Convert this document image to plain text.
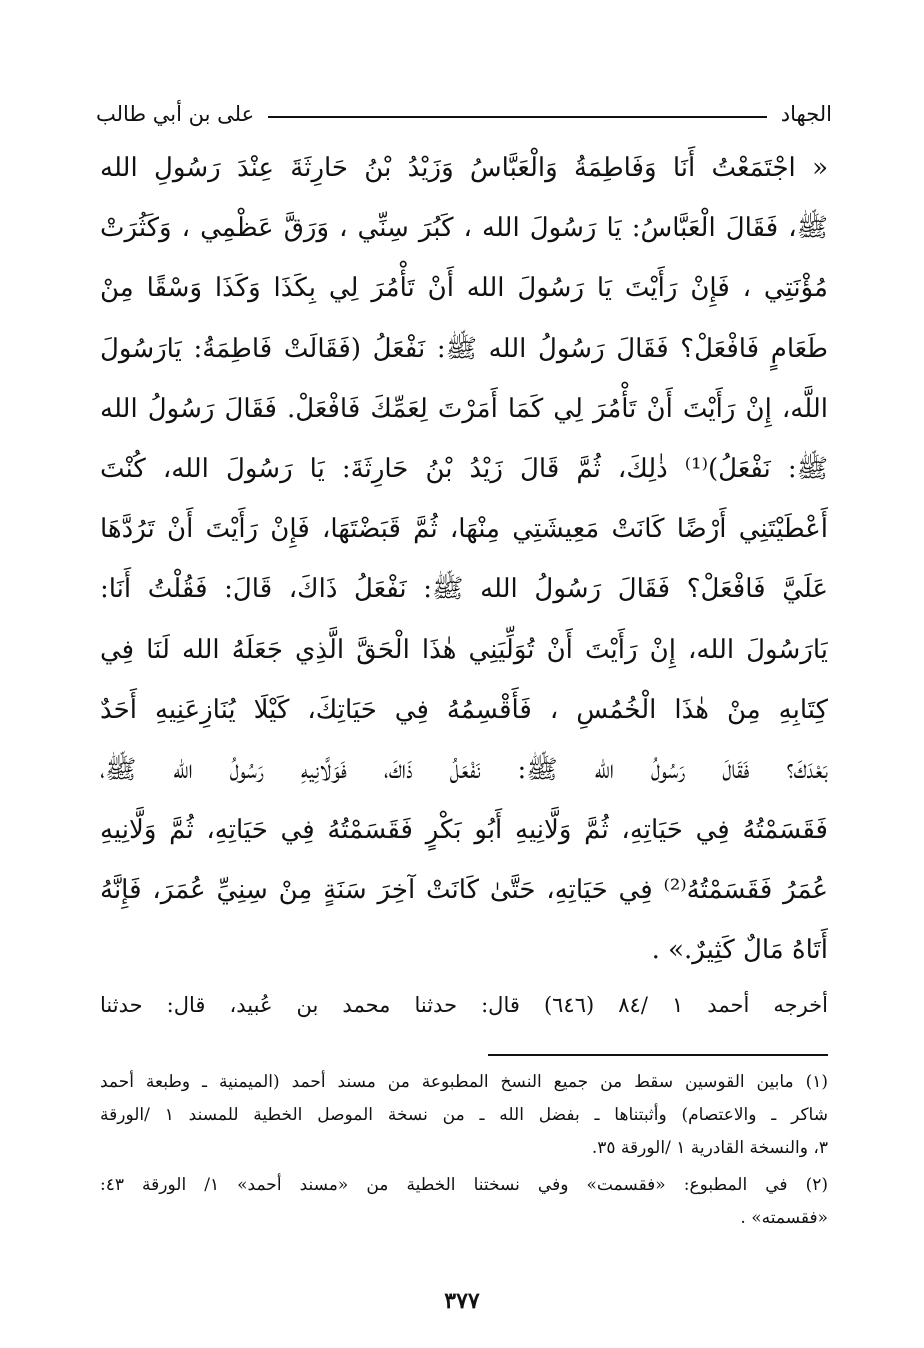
الجهاد
على بن أبي طالب
« اجْتَمَعْتُ أَنَا وَفَاطِمَةُ وَالْعَبَّاسُ وَزَيْدُ بْنُ حَارِثَةَ عِنْدَ رَسُولِ الله
ﷺ، فَقَالَ الْعَبَّاسُ: يَا رَسُولَ الله ، كَبُرَ سِنِّي ، وَرَقَّ عَظْمِي ، وَكَثُرَتْ
مُؤْنَتِي ، فَإِنْ رَأَيْتَ يَا رَسُولَ الله أَنْ تَأْمُرَ لِي بِكَذَا وَكَذَا وَسْقًا مِنْ
طَعَامٍ فَافْعَلْ؟ فَقَالَ رَسُولُ الله ﷺ: نَفْعَلُ (فَقَالَتْ فَاطِمَةُ: يَارَسُولَ
اللَّه، إِنْ رَأَيْتَ أَنْ تَأْمُرَ لِي كَمَا أَمَرْتَ لِعَمِّكَ فَافْعَلْ. فَقَالَ رَسُولُ الله
ﷺ: نَفْعَلُ)⁽¹⁾ ذٰلِكَ، ثُمَّ قَالَ زَيْدُ بْنُ حَارِثَةَ: يَا رَسُولَ الله، كُنْتَ
أَعْطَيْتَنِي أَرْضًا كَانَتْ مَعِيشَتِي مِنْهَا، ثُمَّ قَبَضْتَهَا، فَإِنْ رَأَيْتَ أَنْ تَرُدَّهَا
عَلَيَّ فَافْعَلْ؟ فَقَالَ رَسُولُ الله ﷺ: نَفْعَلُ ذَاكَ، قَالَ: فَقُلْتُ أَنَا:
يَارَسُولَ الله، إِنْ رَأَيْتَ أَنْ تُوَلِّيَنِي هٰذَا الْحَقَّ الَّذِي جَعَلَهُ الله لَنَا فِي
كِتَابِهِ مِنْ هٰذَا الْخُمُسِ ، فَأَقْسِمُهُ فِي حَيَاتِكَ، كَيْلَا يُنَازِعَنِيهِ أَحَدٌ
بَعْدَكَ؟ فَقَالَ رَسُولُ الله ﷺ: نَفْعَلُ ذَاكَ، فَوَلَّانِيهِ رَسُولُ الله ﷺ،
فَقَسَمْتُهُ فِي حَيَاتِهِ، ثُمَّ وَلَّانِيهِ أَبُو بَكْرٍ فَقَسَمْتُهُ فِي حَيَاتِهِ، ثُمَّ وَلَّانِيهِ
عُمَرُ فَقَسَمْتُهُ⁽²⁾ فِي حَيَاتِهِ، حَتَّىٰ كَانَتْ آخِرَ سَنَةٍ مِنْ سِنِيِّ عُمَرَ، فَإِنَّهُ
أَتَاهُ مَالٌ كَثِيرٌ.» .
أخرجه أحمد ١ /٨٤ (٦٤٦) قال: حدثنا محمد بن عُبيد، قال: حدثنا
(١) مابين القوسين سقط من جميع النسخ المطبوعة من مسند أحمد (الميمنية ـ وطبعة أحمد
شاكر ـ والاعتصام) وأثبتناها ـ بفضل الله ـ من نسخة الموصل الخطية للمسند ١ /الورقة
٣، والنسخة القادرية ١ /الورقة ٣٥.
(٢) في المطبوع: «فقسمت» وفي نسختنا الخطية من «مسند أحمد» ١/ الورقة ٤٣:
«فقسمته» .
٣٧٧
